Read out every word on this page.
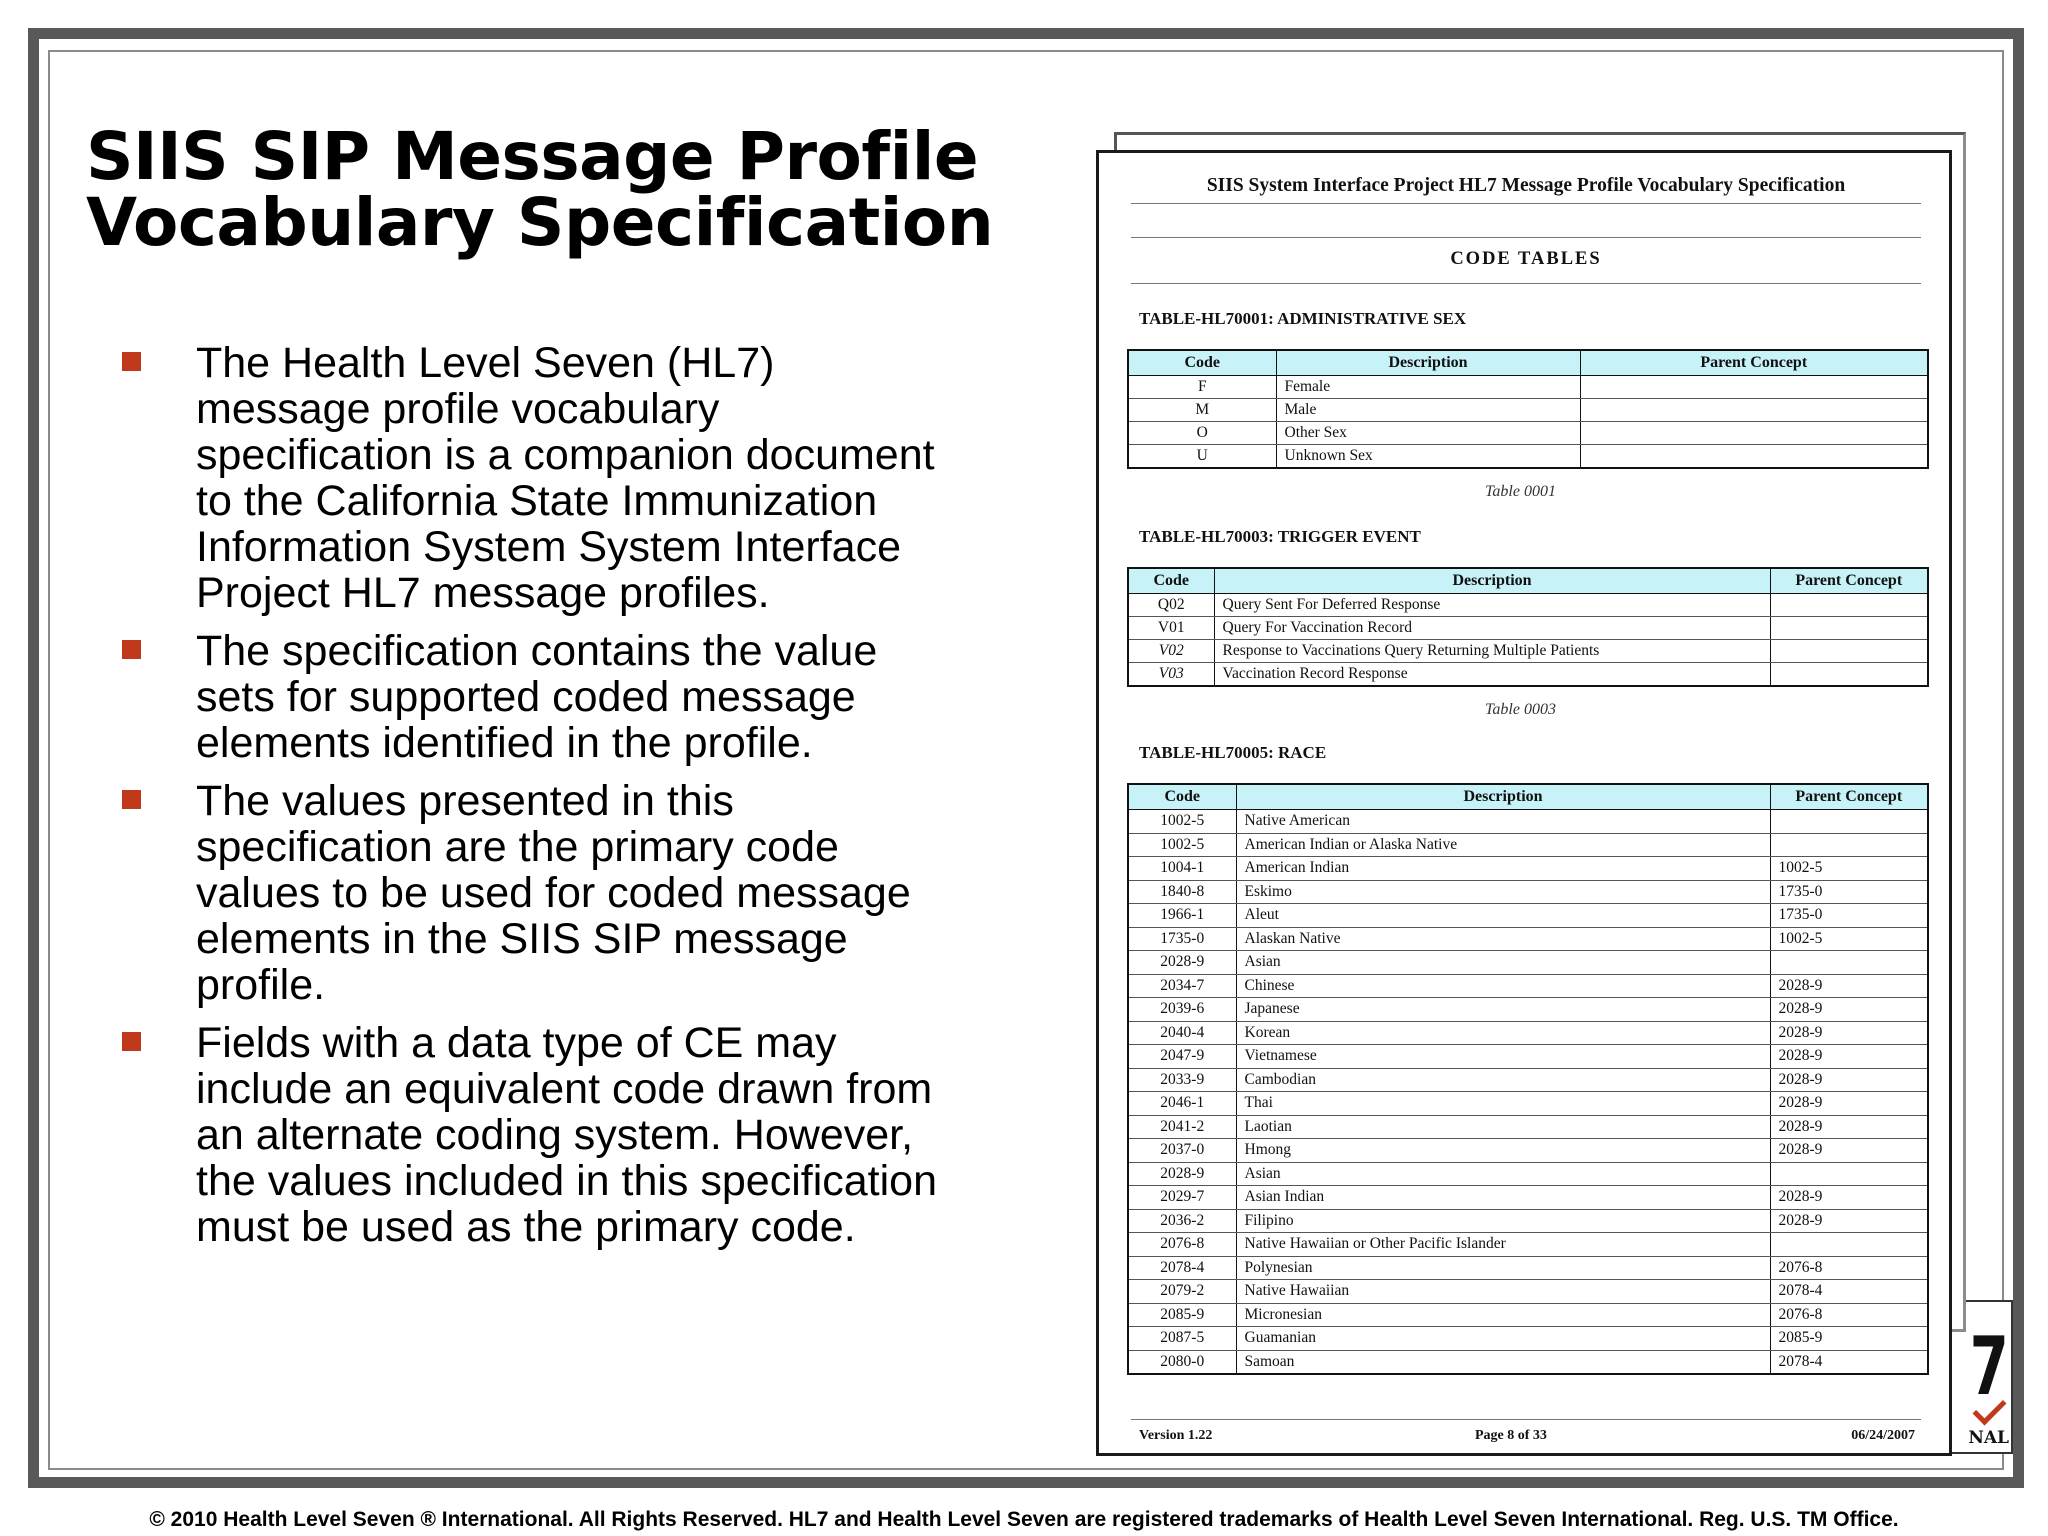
SIIS SIP Message Profile
Vocabulary Specification
The Health Level Seven (HL7) message profile vocabulary specification is a companion document to the California State Immunization Information System System Interface Project HL7 message profiles.
The specification contains the value sets for supported coded message elements identified in the profile.
The values presented in this specification are the primary code values to be used for coded message elements in the SIIS SIP message profile.
Fields with a data type of CE may include an equivalent code drawn from an alternate coding system. However, the values included in this specification must be used as the primary code.
7
NAL
SIIS System Interface Project HL7 Message Profile Vocabulary Specification
CODE TABLES
TABLE-HL70001: ADMINISTRATIVE SEX
Code	Description	Parent Concept
F	Female	
M	Male	
O	Other Sex	
U	Unknown Sex	
Table 0001
TABLE-HL70003: TRIGGER EVENT
Code	Description	Parent Concept
Q02	Query Sent For Deferred Response	
V01	Query For Vaccination Record	
V02	Response to Vaccinations Query Returning Multiple Patients	
V03	Vaccination Record Response	
Table 0003
TABLE-HL70005: RACE
Code	Description	Parent Concept
1002-5	Native American	
1002-5	American Indian or Alaska Native	
1004-1	American Indian	1002-5
1840-8	Eskimo	1735-0
1966-1	Aleut	1735-0
1735-0	Alaskan Native	1002-5
2028-9	Asian	
2034-7	Chinese	2028-9
2039-6	Japanese	2028-9
2040-4	Korean	2028-9
2047-9	Vietnamese	2028-9
2033-9	Cambodian	2028-9
2046-1	Thai	2028-9
2041-2	Laotian	2028-9
2037-0	Hmong	2028-9
2028-9	Asian	
2029-7	Asian Indian	2028-9
2036-2	Filipino	2028-9
2076-8	Native Hawaiian or Other Pacific Islander	
2078-4	Polynesian	2076-8
2079-2	Native Hawaiian	2078-4
2085-9	Micronesian	2076-8
2087-5	Guamanian	2085-9
2080-0	Samoan	2078-4
Version 1.22	Page 8 of 33	06/24/2007
© 2010 Health Level Seven ® International. All Rights Reserved. HL7 and Health Level Seven are registered trademarks of Health Level Seven International. Reg. U.S. TM Office.
